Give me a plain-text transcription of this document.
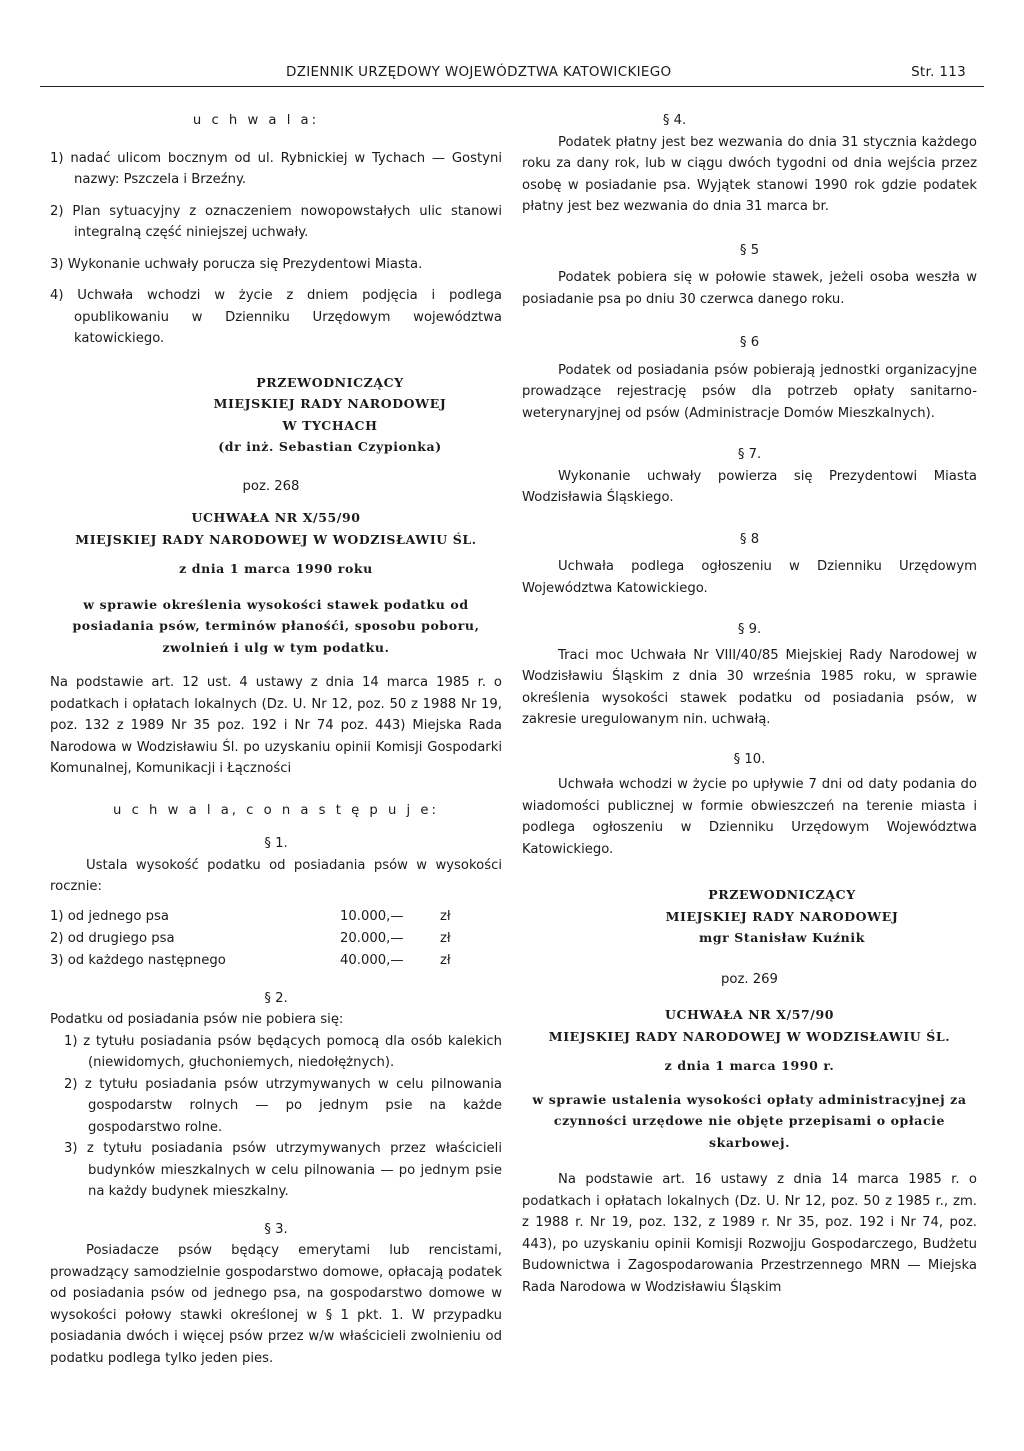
DZIENNIK URZĘDOWY WOJEWÓDZTWA KATOWICKIEGO	Str. 113

u c h w a l a:

1) nadać ulicom bocznym od ul. Rybnickiej w Tychach — Gostyni nazwy: Pszczela i Brzeźny.

2) Plan sytuacyjny z oznaczeniem nowopowstałych ulic stanowi integralną część niniejszej uchwały.

3) Wykonanie uchwały porucza się Prezydentowi Miasta.

4) Uchwała wchodzi w życie z dniem podjęcia i podlega opublikowaniu w Dzienniku Urzędowym województwa katowickiego.

PRZEWODNICZĄCY

MIEJSKIEJ RADY NARODOWEJ

W TYCHACH

(dr inż. Sebastian Czypionka)

poz. 268

UCHWAŁA NR X/55/90

MIEJSKIEJ RADY NARODOWEJ W WODZISŁAWIU ŚL.

z dnia 1 marca 1990 roku

w sprawie określenia wysokości stawek podatku od posiadania psów, terminów płanośći, sposobu poboru, zwolnień i ulg w tym podatku.

Na podstawie art. 12 ust. 4 ustawy z dnia 14 marca 1985 r. o podatkach i opłatach lokalnych (Dz. U. Nr 12, poz. 50 z 1988 Nr 19, poz. 132 z 1989 Nr 35 poz. 192 i Nr 74 poz. 443) Miejska Rada Narodowa w Wodzisławiu Śl. po uzyskaniu opinii Komisji Gospodarki Komunalnej, Komunikacji i Łączności

u c h w a l a, c o n a s t ę p u j e:

§ 1.

Ustala wysokość podatku od posiadania psów w wysokości rocznie:

1) od jednego psa	10.000,—	zł
2) od drugiego psa	20.000,—	zł
3) od każdego następnego	40.000,—	zł

§ 2.

Podatku od posiadania psów nie pobiera się:

1) z tytułu posiadania psów będących pomocą dla osób kalekich (niewidomych, głuchoniemych, niedołężnych).

2) z tytułu posiadania psów utrzymywanych w celu pilnowania gospodarstw rolnych — po jednym psie na każde gospodarstwo rolne.

3) z tytułu posiadania psów utrzymywanych przez właścicieli budynków mieszkalnych w celu pilnowania — po jednym psie na każdy budynek mieszkalny.

§ 3.

Posiadacze psów będący emerytami lub rencistami, prowadzący samodzielnie gospodarstwo domowe, opłacają podatek od posiadania psów od jednego psa, na gospodarstwo domowe w wysokości połowy stawki określonej w § 1 pkt. 1. W przypadku posiadania dwóch i więcej psów przez w/w właścicieli zwolnieniu od podatku podlega tylko jeden pies.

§ 4.

Podatek płatny jest bez wezwania do dnia 31 stycznia każdego roku za dany rok, lub w ciągu dwóch tygodni od dnia wejścia przez osobę w posiadanie psa. Wyjątek stanowi 1990 rok gdzie podatek płatny jest bez wezwania do dnia 31 marca br.

§ 5

Podatek pobiera się w połowie stawek, jeżeli osoba weszła w posiadanie psa po dniu 30 czerwca danego roku.

§ 6

Podatek od posiadania psów pobierają jednostki organizacyjne prowadzące rejestrację psów dla potrzeb opłaty sanitarno-weterynaryjnej od psów (Administracje Domów Mieszkalnych).

§ 7.

Wykonanie uchwały powierza się Prezydentowi Miasta Wodzisławia Śląskiego.

§ 8

Uchwała podlega ogłoszeniu w Dzienniku Urzędowym Województwa Katowickiego.

§ 9.

Traci moc Uchwała Nr VIII/40/85 Miejskiej Rady Narodowej w Wodzisławiu Śląskim z dnia 30 września 1985 roku, w sprawie określenia wysokości stawek podatku od posiadania psów, w zakresie uregulowanym nin. uchwałą.

§ 10.

Uchwała wchodzi w życie po upływie 7 dni od daty podania do wiadomości publicznej w formie obwieszczeń na terenie miasta i podlega ogłoszeniu w Dzienniku Urzędowym Województwa Katowickiego.

PRZEWODNICZĄCY

MIEJSKIEJ RADY NARODOWEJ

mgr Stanisław Kuźnik

poz. 269

UCHWAŁA NR X/57/90

MIEJSKIEJ RADY NARODOWEJ W WODZISŁAWIU ŚL.

z dnia 1 marca 1990 r.

w sprawie ustalenia wysokości opłaty administracyjnej za czynności urzędowe nie objęte przepisami o opłacie skarbowej.

Na podstawie art. 16 ustawy z dnia 14 marca 1985 r. o podatkach i opłatach lokalnych (Dz. U. Nr 12, poz. 50 z 1985 r., zm. z 1988 r. Nr 19, poz. 132, z 1989 r. Nr 35, poz. 192 i Nr 74, poz. 443), po uzyskaniu opinii Komisji Rozwojju Gospodarczego, Budżetu Budownictwa i Zagospodarowania Przestrzennego MRN — Miejska Rada Narodowa w Wodzisławiu Śląskim
